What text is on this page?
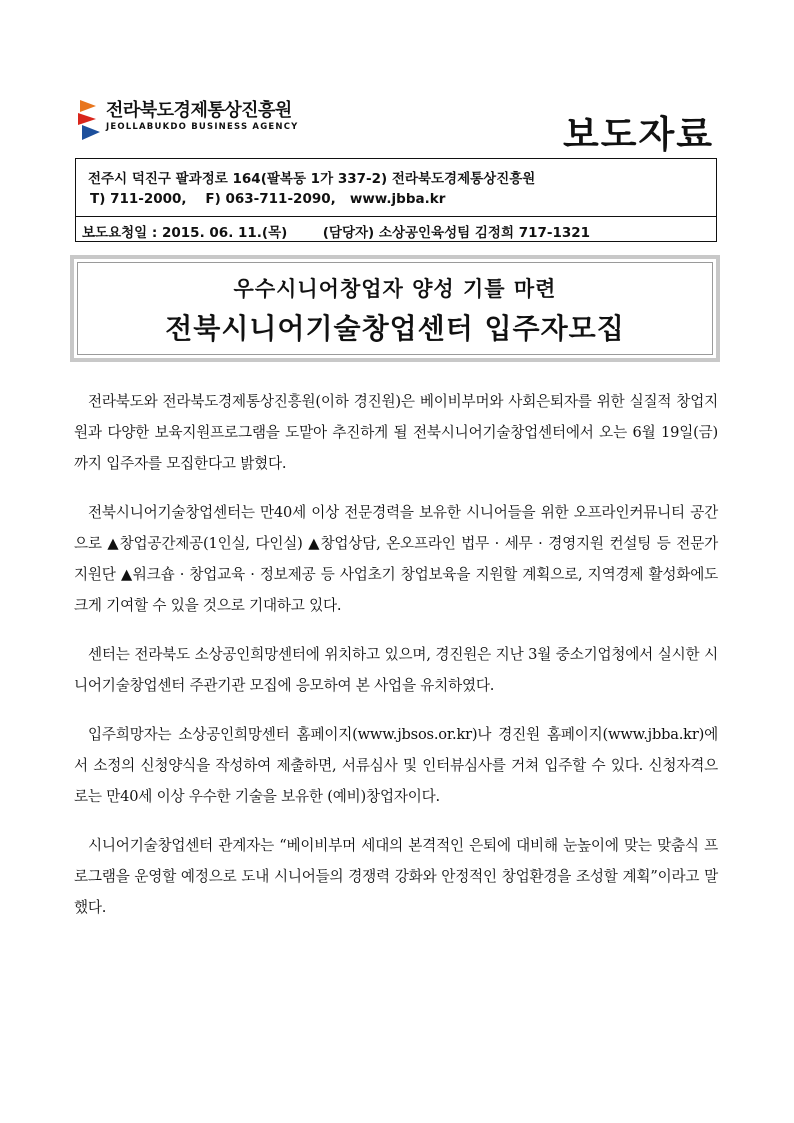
전라북도경제통상진흥원
JEOLLABUKDO BUSINESS AGENCY	보도자료
전주시 덕진구 팔과정로 164(팔복동 1가 337-2) 전라북도경제통상진흥원
T) 711-2000, F) 063-711-2090, www.jbba.kr
보도요청일 : 2015. 06. 11.(목)	(담당자) 소상공인육성팀 김정희 717-1321
우수시니어창업자 양성 기틀 마련
전북시니어기술창업센터 입주자모집

전라북도와 전라북도경제통상진흥원(이하 경진원)은 베이비부머와 사회은퇴자를 위한 실질적 창업지원과 다양한 보육지원프로그램을 도맡아 추진하게 될 전북시니어기술창업센터에서 오는 6월 19일(금)까지 입주자를 모집한다고 밝혔다.

전북시니어기술창업센터는 만40세 이상 전문경력을 보유한 시니어들을 위한 오프라인커뮤니티 공간으로 ▲창업공간제공(1인실, 다인실) ▲창업상담, 온오프라인 법무 · 세무 · 경영지원 컨설팅 등 전문가 지원단 ▲워크숍 · 창업교육 · 정보제공 등 사업초기 창업보육을 지원할 계획으로, 지역경제 활성화에도 크게 기여할 수 있을 것으로 기대하고 있다.

센터는 전라북도 소상공인희망센터에 위치하고 있으며, 경진원은 지난 3월 중소기업청에서 실시한 시니어기술창업센터 주관기관 모집에 응모하여 본 사업을 유치하였다.

입주희망자는 소상공인희망센터 홈페이지(www.jbsos.or.kr)나 경진원 홈페이지(www.jbba.kr)에서 소정의 신청양식을 작성하여 제출하면, 서류심사 및 인터뷰심사를 거쳐 입주할 수 있다. 신청자격으로는 만40세 이상 우수한 기술을 보유한 (예비)창업자이다.

시니어기술창업센터 관계자는 “베이비부머 세대의 본격적인 은퇴에 대비해 눈높이에 맞는 맞춤식 프로그램을 운영할 예정으로 도내 시니어들의 경쟁력 강화와 안정적인 창업환경을 조성할 계획”이라고 말했다.
